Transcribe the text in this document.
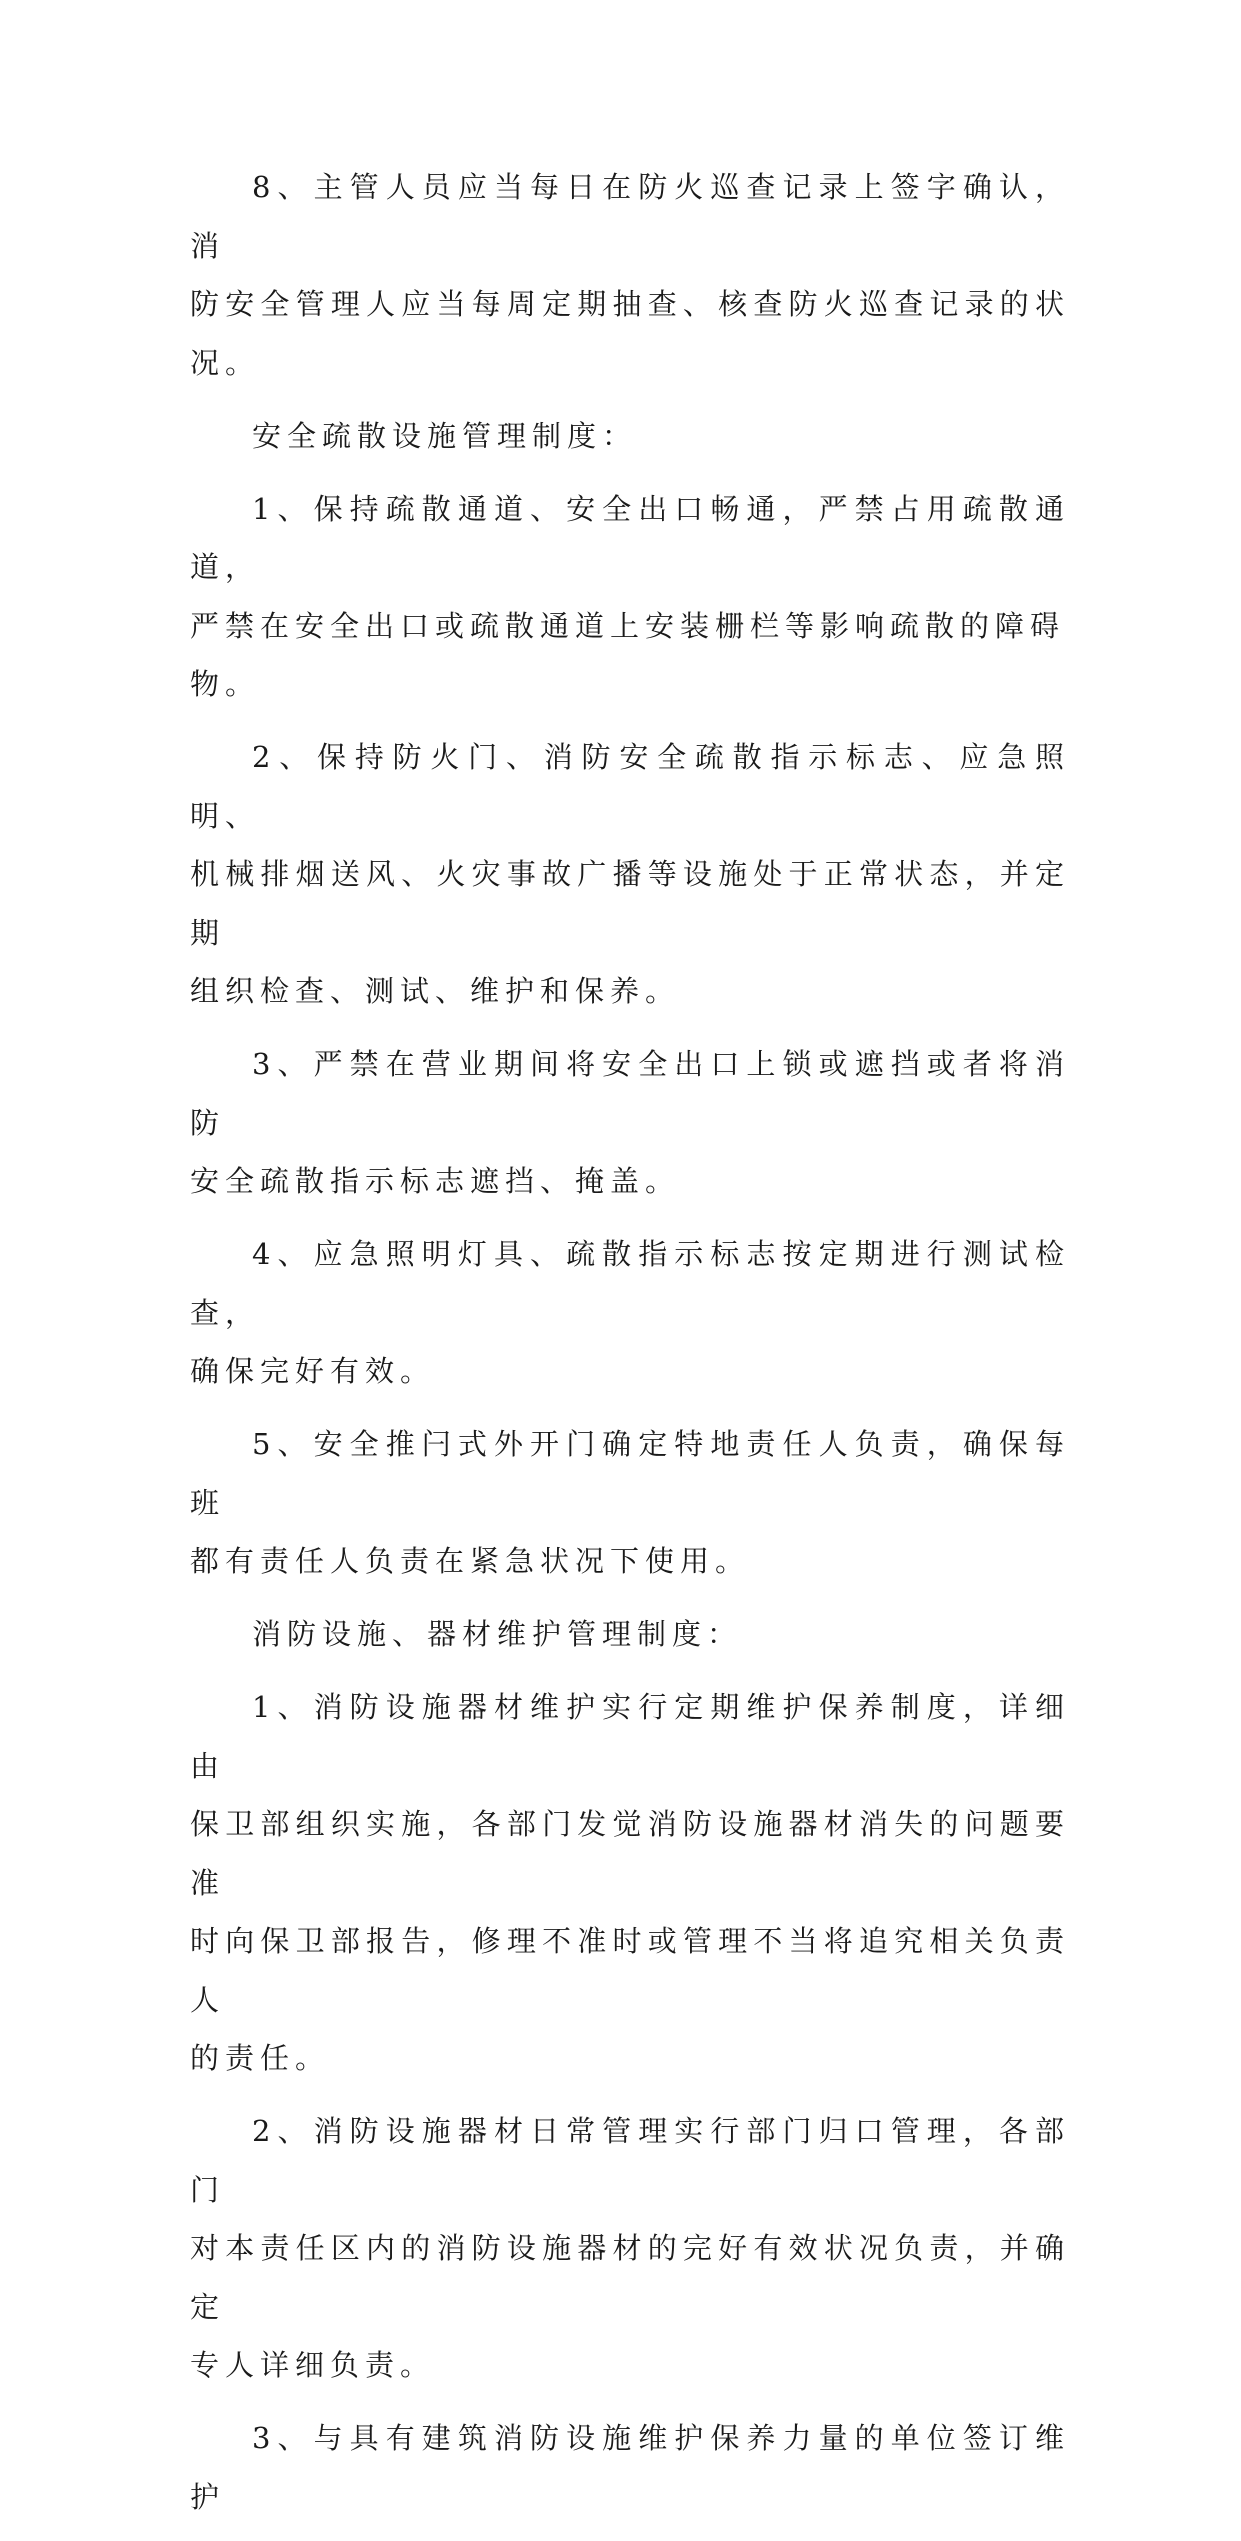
8、主管人员应当每日在防火巡查记录上签字确认，消
防安全管理人应当每周定期抽查、核查防火巡查记录的状况。

安全疏散设施管理制度：

1、保持疏散通道、安全出口畅通，严禁占用疏散通道，
严禁在安全出口或疏散通道上安装栅栏等影响疏散的障碍
物。

2、保持防火门、消防安全疏散指示标志、应急照明、
机械排烟送风、火灾事故广播等设施处于正常状态，并定期
组织检查、测试、维护和保养。

3、严禁在营业期间将安全出口上锁或遮挡或者将消防
安全疏散指示标志遮挡、掩盖。

4、应急照明灯具、疏散指示标志按定期进行测试检查，
确保完好有效。

5、安全推闩式外开门确定特地责任人负责，确保每班
都有责任人负责在紧急状况下使用。

消防设施、器材维护管理制度：

1、消防设施器材维护实行定期维护保养制度，详细由
保卫部组织实施，各部门发觉消防设施器材消失的问题要准
时向保卫部报告，修理不准时或管理不当将追究相关负责人
的责任。

2、消防设施器材日常管理实行部门归口管理，各部门
对本责任区内的消防设施器材的完好有效状况负责，并确定
专人详细负责。

3、与具有建筑消防设施维护保养力量的单位签订维护
